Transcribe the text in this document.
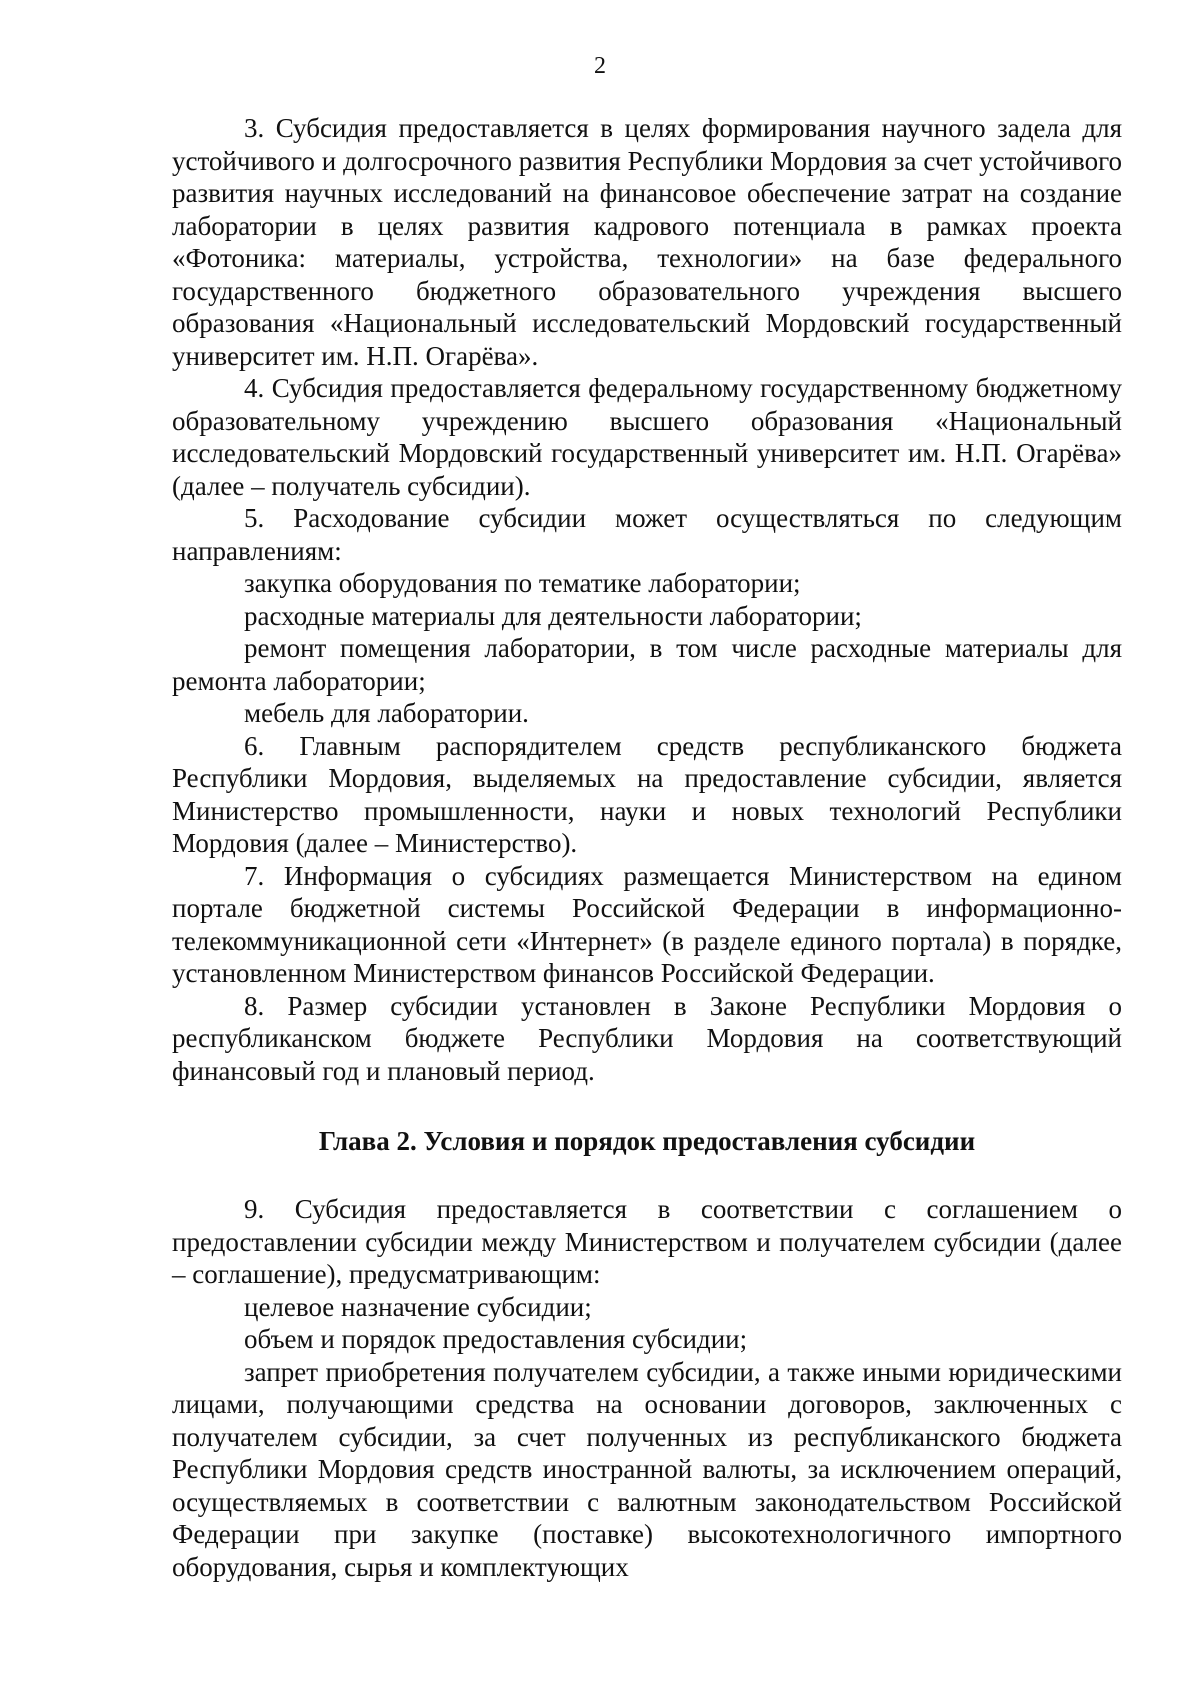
2

3. Субсидия предоставляется в целях формирования научного задела для устойчивого и долгосрочного развития Республики Мордовия за счет устойчивого развития научных исследований на финансовое обеспечение затрат на создание лаборатории в целях развития кадрового потенциала в рамках проекта «Фотоника: материалы, устройства, технологии» на базе федерального государственного бюджетного образовательного учреждения высшего образования «Национальный исследовательский Мордовский государственный университет им. Н.П. Огарёва».

4. Субсидия предоставляется федеральному государственному бюджетному образовательному учреждению высшего образования «Национальный исследовательский Мордовский государственный университет им. Н.П. Огарёва» (далее – получатель субсидии).

5. Расходование субсидии может осуществляться по следующим направлениям:

закупка оборудования по тематике лаборатории;

расходные материалы для деятельности лаборатории;

ремонт помещения лаборатории, в том числе расходные материалы для ремонта лаборатории;

мебель для лаборатории.

6. Главным распорядителем средств республиканского бюджета Республики Мордовия, выделяемых на предоставление субсидии, является Министерство промышленности, науки и новых технологий Республики Мордовия (далее – Министерство).

7. Информация о субсидиях размещается Министерством на едином портале бюджетной системы Российской Федерации в информационно-телекоммуникационной сети «Интернет» (в разделе единого портала) в порядке, установленном Министерством финансов Российской Федерации.

8. Размер субсидии установлен в Законе Республики Мордовия о республиканском бюджете Республики Мордовия на соответствующий финансовый год и плановый период.

Глава 2. Условия и порядок предоставления субсидии

9. Субсидия предоставляется в соответствии с соглашением о предоставлении субсидии между Министерством и получателем субсидии (далее – соглашение), предусматривающим:

целевое назначение субсидии;

объем и порядок предоставления субсидии;

запрет приобретения получателем субсидии, а также иными юридическими лицами, получающими средства на основании договоров, заключенных с получателем субсидии, за счет полученных из республиканского бюджета Республики Мордовия средств иностранной валюты, за исключением операций, осуществляемых в соответствии с валютным законодательством Российской Федерации при закупке (поставке) высокотехнологичного импортного оборудования, сырья и комплектующих
